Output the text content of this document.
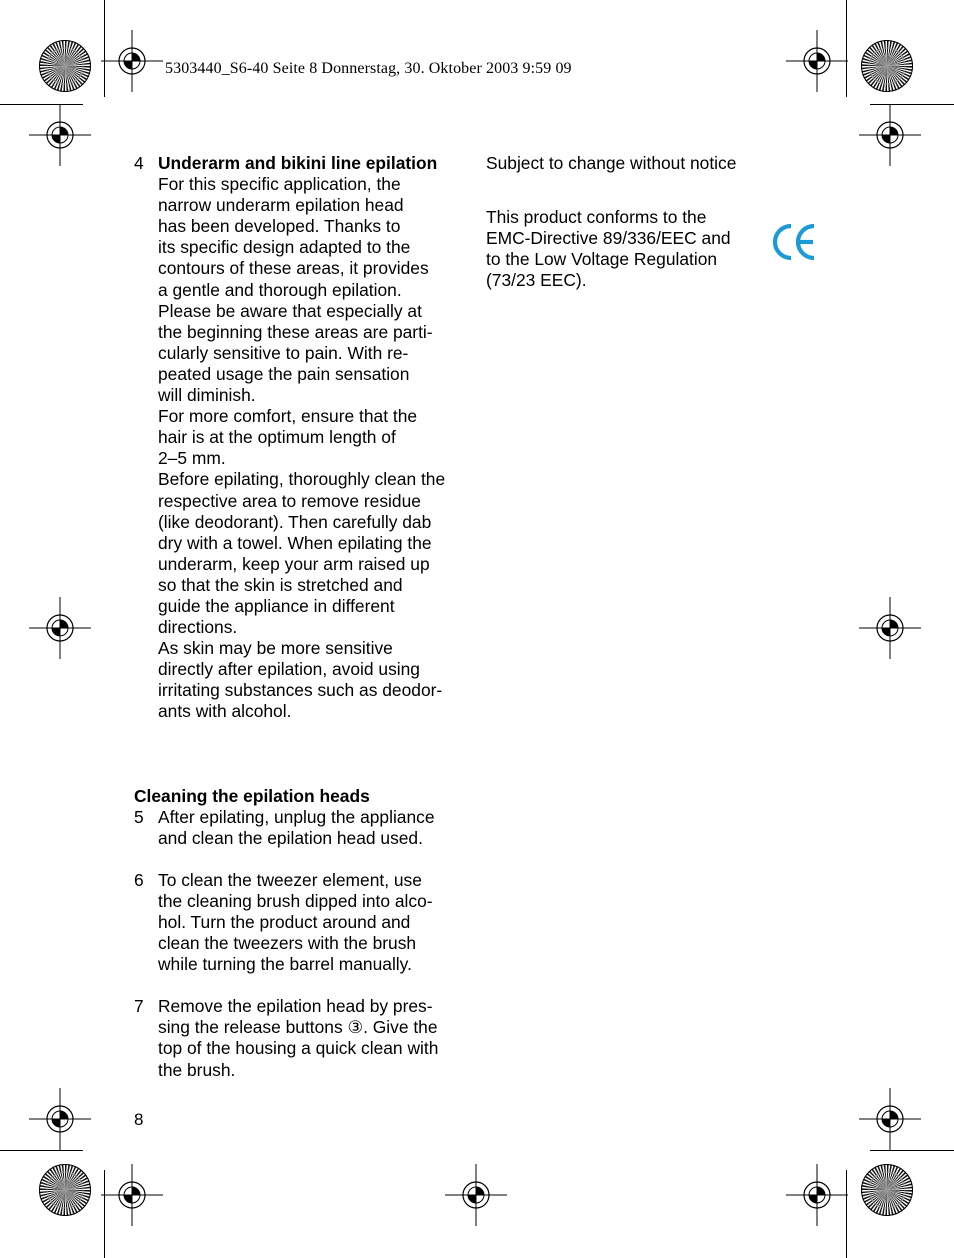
5303440_S6-40 Seite 8 Donnerstag, 30. Oktober 2003 9:59 09
4 Underarm and bikini line epilation
For this specific application, the
narrow underarm epilation head
has been developed. Thanks to
its specific design adapted to the
contours of these areas, it provides
a gentle and thorough epilation.
Please be aware that especially at
the beginning these areas are parti-
cularly sensitive to pain. With re-
peated usage the pain sensation
will diminish.
For more comfort, ensure that the
hair is at the optimum length of
2–5 mm.
Before epilating, thoroughly clean the
respective area to remove residue
(like deodorant). Then carefully dab
dry with a towel. When epilating the
underarm, keep your arm raised up
so that the skin is stretched and
guide the appliance in different
directions.
As skin may be more sensitive
directly after epilation, avoid using
irritating substances such as deodor-
ants with alcohol.
Cleaning the epilation heads
5 After epilating, unplug the appliance
and clean the epilation head used.
6 To clean the tweezer element, use
the cleaning brush dipped into alco-
hol. Turn the product around and
clean the tweezers with the brush
while turning the barrel manually.
7 Remove the epilation head by pres-
sing the release buttons ③. Give the
top of the housing a quick clean with
the brush.
Subject to change without notice
This product conforms to the
EMC-Directive 89/336/EEC and
to the Low Voltage Regulation
(73/23 EEC).
8
